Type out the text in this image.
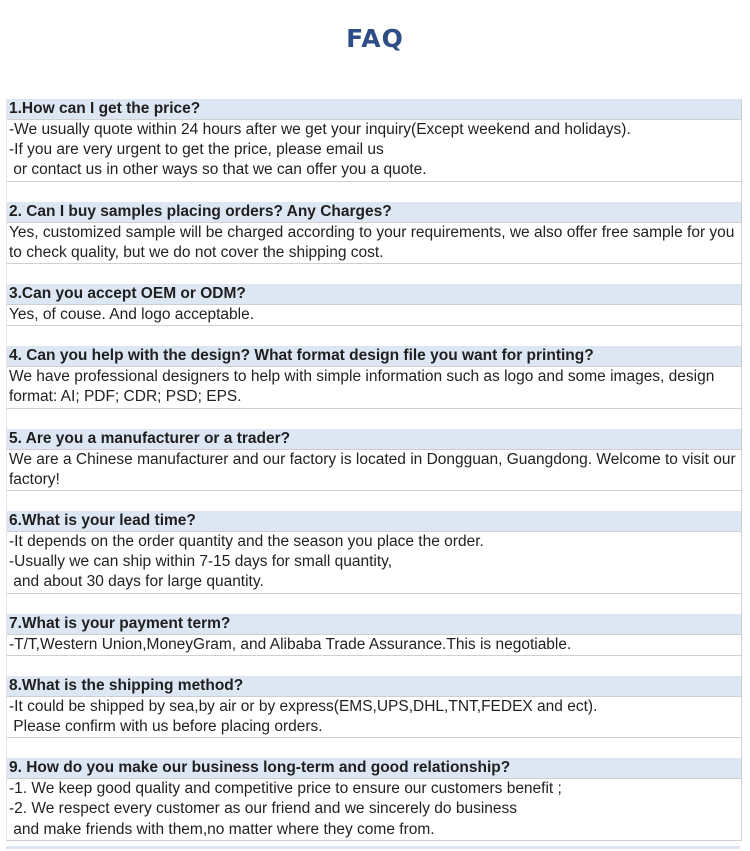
FAQ
1.How can I get the price?
-We usually quote within 24 hours after we get your inquiry(Except weekend and holidays).
-If you are very urgent to get the price, please email us
or contact us in other ways so that we can offer you a quote.
2. Can I buy samples placing orders? Any Charges?
Yes, customized sample will be charged according to your requirements, we also offer free sample for you to check quality, but we do not cover the shipping cost.
3.Can you accept OEM or ODM?
Yes, of couse. And logo acceptable.
4. Can you help with the design? What format design file you want for printing?
We have professional designers to help with simple information such as logo and some images, design format: AI; PDF; CDR; PSD; EPS.
5. Are you a manufacturer or a trader?
We are a Chinese manufacturer and our factory is located in Dongguan, Guangdong. Welcome to visit our factory!
6.What is your lead time?
-It depends on the order quantity and the season you place the order.
-Usually we can ship within 7-15 days for small quantity,
and about 30 days for large quantity.
7.What is your payment term?
-T/T,Western Union,MoneyGram, and Alibaba Trade Assurance.This is negotiable.
8.What is the shipping method?
-It could be shipped by sea,by air or by express(EMS,UPS,DHL,TNT,FEDEX and ect).
Please confirm with us before placing orders.
9. How do you make our business long-term and good relationship?
-1. We keep good quality and competitive price to ensure our customers benefit ;
-2. We respect every customer as our friend and we sincerely do business
and make friends with them,no matter where they come from.
